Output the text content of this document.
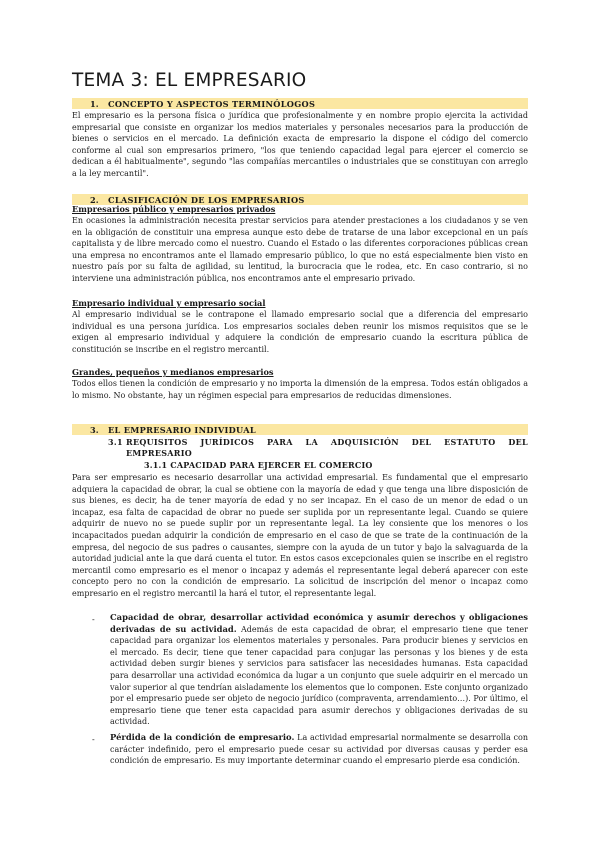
TEMA 3: EL EMPRESARIO
1. CONCEPTO Y ASPECTOS TERMINÓLOGOS
El empresario es la persona física o jurídica que profesionalmente y en nombre propio ejercita la actividad empresarial que consiste en organizar los medios materiales y personales necesarios para la producción de bienes o servicios en el mercado. La definición exacta de empresario la dispone el código del comercio conforme al cual son empresarios primero, "los que teniendo capacidad legal para ejercer el comercio se dedican a él habitualmente", segundo "las compañías mercantiles o industriales que se constituyan con arreglo a la ley mercantil".
2. CLASIFICACIÓN DE LOS EMPRESARIOS
Empresarios público y empresarios privados
En ocasiones la administración necesita prestar servicios para atender prestaciones a los ciudadanos y se ven en la obligación de constituir una empresa aunque esto debe de tratarse de una labor excepcional en un país capitalista y de libre mercado como el nuestro. Cuando el Estado o las diferentes corporaciones públicas crean una empresa no encontramos ante el llamado empresario público, lo que no está especialmente bien visto en nuestro país por su falta de agilidad, su lentitud, la burocracia que le rodea, etc. En caso contrario, si no interviene una administración pública, nos encontramos ante el empresario privado.
Empresario individual y empresario social
Al empresario individual se le contrapone el llamado empresario social que a diferencia del empresario individual es una persona jurídica. Los empresarios sociales deben reunir los mismos requisitos que se le exigen al empresario individual y adquiere la condición de empresario cuando la escritura pública de constitución se inscribe en el registro mercantil.
Grandes, pequeños y medianos empresarios
Todos ellos tienen la condición de empresario y no importa la dimensión de la empresa. Todos están obligados a lo mismo. No obstante, hay un régimen especial para empresarios de reducidas dimensiones.
3. EL EMPRESARIO INDIVIDUAL
3.1 REQUISITOS JURÍDICOS PARA LA ADQUISICIÓN DEL ESTATUTO DEL
EMPRESARIO
3.1.1 CAPACIDAD PARA EJERCER EL COMERCIO
Para ser empresario es necesario desarrollar una actividad empresarial. Es fundamental que el empresario adquiera la capacidad de obrar, la cual se obtiene con la mayoría de edad y que tenga una libre disposición de sus bienes, es decir, ha de tener mayoría de edad y no ser incapaz. En el caso de un menor de edad o un incapaz, esa falta de capacidad de obrar no puede ser suplida por un representante legal. Cuando se quiere adquirir de nuevo no se puede suplir por un representante legal. La ley consiente que los menores o los incapacitados puedan adquirir la condición de empresario en el caso de que se trate de la continuación de la empresa, del negocio de sus padres o causantes, siempre con la ayuda de un tutor y bajo la salvaguarda de la autoridad judicial ante la que dará cuenta el tutor. En estos casos excepcionales quien se inscribe en el registro mercantil como empresario es el menor o incapaz y además el representante legal deberá aparecer con este concepto pero no con la condición de empresario. La solicitud de inscripción del menor o incapaz como empresario en el registro mercantil la hará el tutor, el representante legal.
- Capacidad de obrar, desarrollar actividad económica y asumir derechos y obligaciones derivadas de su actividad. Además de esta capacidad de obrar, el empresario tiene que tener capacidad para organizar los elementos materiales y personales. Para producir bienes y servicios en el mercado. Es decir, tiene que tener capacidad para conjugar las personas y los bienes y de esta actividad deben surgir bienes y servicios para satisfacer las necesidades humanas. Esta capacidad para desarrollar una actividad económica da lugar a un conjunto que suele adquirir en el mercado un valor superior al que tendrían aisladamente los elementos que lo componen. Este conjunto organizado por el empresario puede ser objeto de negocio jurídico (compraventa, arrendamiento…). Por último, el empresario tiene que tener esta capacidad para asumir derechos y obligaciones derivadas de su actividad.
- Pérdida de la condición de empresario. La actividad empresarial normalmente se desarrolla con carácter indefinido, pero el empresario puede cesar su actividad por diversas causas y perder esa condición de empresario. Es muy importante determinar cuando el empresario pierde esa condición.
